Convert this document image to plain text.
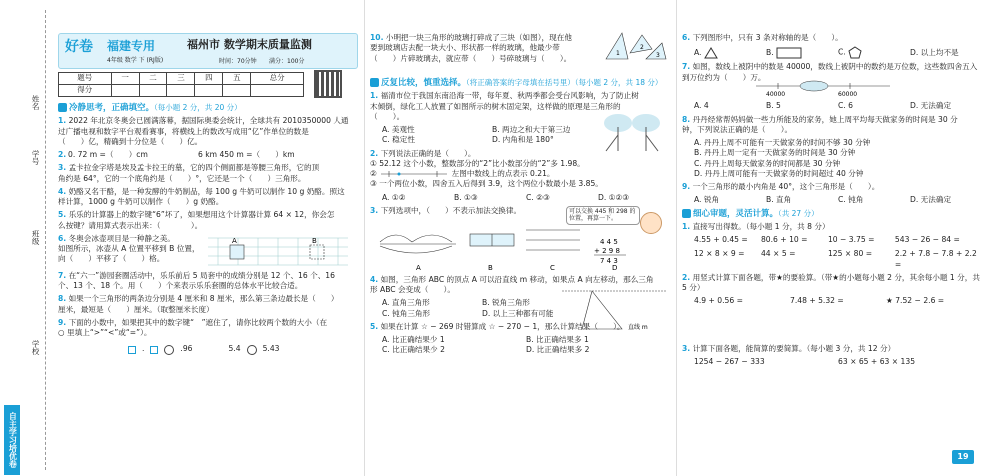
姓名
学号
班级
学校
自主学习培优卷
好卷 福建专用
4年级 数学 下 (RJ版)
福州市 数学期末质量监测
时间：70分钟 满分：100分
题号	一	二	三	四	五	总分
得分						
冷静思考，正确填空。（每小题 2 分，共 20 分）
1. 2022 年北京冬奥会已圆满落幕，据国际奥委会统计，全球共有 2010350000 人通
过广播电视和数字平台观看赛事，将横线上的数改写成用“亿”作单位的数是
（　　）亿，精确到十分位是（　　）亿。
2. 0. 72 m =（　　）cm	6 km 450 m =（　　）km
3. 孟卡拉金字塔是埃及孟卡拉王的墓，它的四个侧面都是等腰三角形，它的顶
角约是 64°，它的一个底角约是（　　）°，它还是一个（　　）三角形。
4. 奶酪又名干酪，是一种发酵的牛奶制品，每 100 g 牛奶可以制作 10 g 奶酪。照这
样计算，1000 g 牛奶可以制作（　　）g 奶酪。
5. 乐乐的计算器上的数字键“6”坏了，如果想用这个计算器计算 64 × 12，你会怎
么按键？请用算式表示出来：（　　　　）。
6. 冬奥会冰壶项目是一种静之美。
如图所示，冰壶从 A 位置平移到 B 位置，
向（　　）平移了（　　）格。
A	B
7. 在“六一”游园套圈活动中，乐乐前后 5 局套中的成绩分别是 12 个、16 个、16
个、13 个、18 个。用（　　）个来表示乐乐套圈的总体水平比较合适。
8. 如果一个三角形的两条边分别是 4 厘米和 8 厘米，那么第三条边最长是（　　）
厘米，最短是（　　）厘米。（取整厘米长度）
9. 下面的小数中，如果把其中的数字键“　”遮住了，请你比较两个数的大小（在
○ 里填上“>”“<”或“=”）。
.	.96	5.4	5.43
10. 小明把一块三角形的玻璃打碎成了三块（如图），现在他
要到玻璃店去配一块大小、形状都一样的玻璃，他最少带
（　　）片碎玻璃去，就应带（　　）号碎玻璃与（　　）。	1
2
3
反复比较，慎重选择。（将正确答案的字母填在括号里）（每小题 2 分，共 18 分）
1. 福清市位于我国东南沿海一带，每年夏、秋两季都会受台风影响，为了防止树
木倾倒，绿化工人放置了如图所示的树木固定架，这样做的原理是三角形的
（　　）。
A. 美观性	B. 两边之和大于第三边
C. 稳定性	D. 内角和是 180°
2. 下列说法正确的是（　　）。
① 52.12 这个小数，整数部分的“2”比小数部分的“2”多 1.98。
②	左图中数线上的点表示 0.21。
③ 一个两位小数，四舍五入后得到 3.9，这个两位小数最小是 3.85。
A. ①②	B. ①③	C. ②③	D. ①②③
3. 下列选项中，（　　）不表示加法交换律。	可以交换 445 和 298 的位置，再算一下。
A	B	C	D
4 4 5
+ 2 9 8
7 4 3
4. 如图，三角形 ABC 的顶点 A 可以沿直线 m 移动，如果点 A 向左移动，那么三角
形 ABC 会变成（　　）。
直线 m
A. 直角三角形	B. 锐角三角形
C. 钝角三角形	D. 以上三种都有可能
5. 如果在计算 ☆ − 269 时错算成 ☆ − 270 − 1，那么计算结果（　　）。
A. 比正确结果少 1	B. 比正确结果多 1
C. 比正确结果少 2	D. 比正确结果多 2
6. 下列图形中，只有 3 条对称轴的是（　　）。
A.	B.	C.	D. 以上均不是
7. 如图，数线上被阴中的数是 40000，数线上被阴中的数约是万位数，这些数四舍五入到万位约为（　　）万。
40000	60000
A. 4	B. 5	C. 6	D. 无法确定
8. 丹丹经常帮妈妈做一些力所能及的家务，她上周平均每天做家务的时间是 30 分
钟，下列说法正确的是（　　）。
A. 丹丹上周不可能有一天做家务的时间不够 30 分钟
B. 丹丹上周一定有一天做家务的时间是 30 分钟
C. 丹丹上周每天做家务的时间都是 30 分钟
D. 丹丹上周可能有一天做家务的时间超过 40 分钟
9. 一个三角形的最小内角是 40°，这个三角形是（　　）。
A. 锐角	B. 直角	C. 钝角	D. 无法确定
细心审题，灵活计算。（共 27 分）
1. 直接写出得数。（每小题 1 分，共 8 分）
4.55 + 0.45 =	80.6 + 10 =	10 − 3.75 =	543 − 26 − 84 =
12 × 8 × 9 =	44 × 5 =	125 × 80 =	2.2 + 7.8 − 7.8 + 2.2 =
2. 用竖式计算下面各题，带★的要验算。（带★的小题每小题 2 分，其余每小题 1 分，共 5 分）
4.9 + 0.56 =	7.48 + 5.32 =	★ 7.52 − 2.6 =
3. 计算下面各题，能简算的要简算。（每小题 3 分，共 12 分）
1254 − 267 − 333	63 × 65 + 63 × 135
19
